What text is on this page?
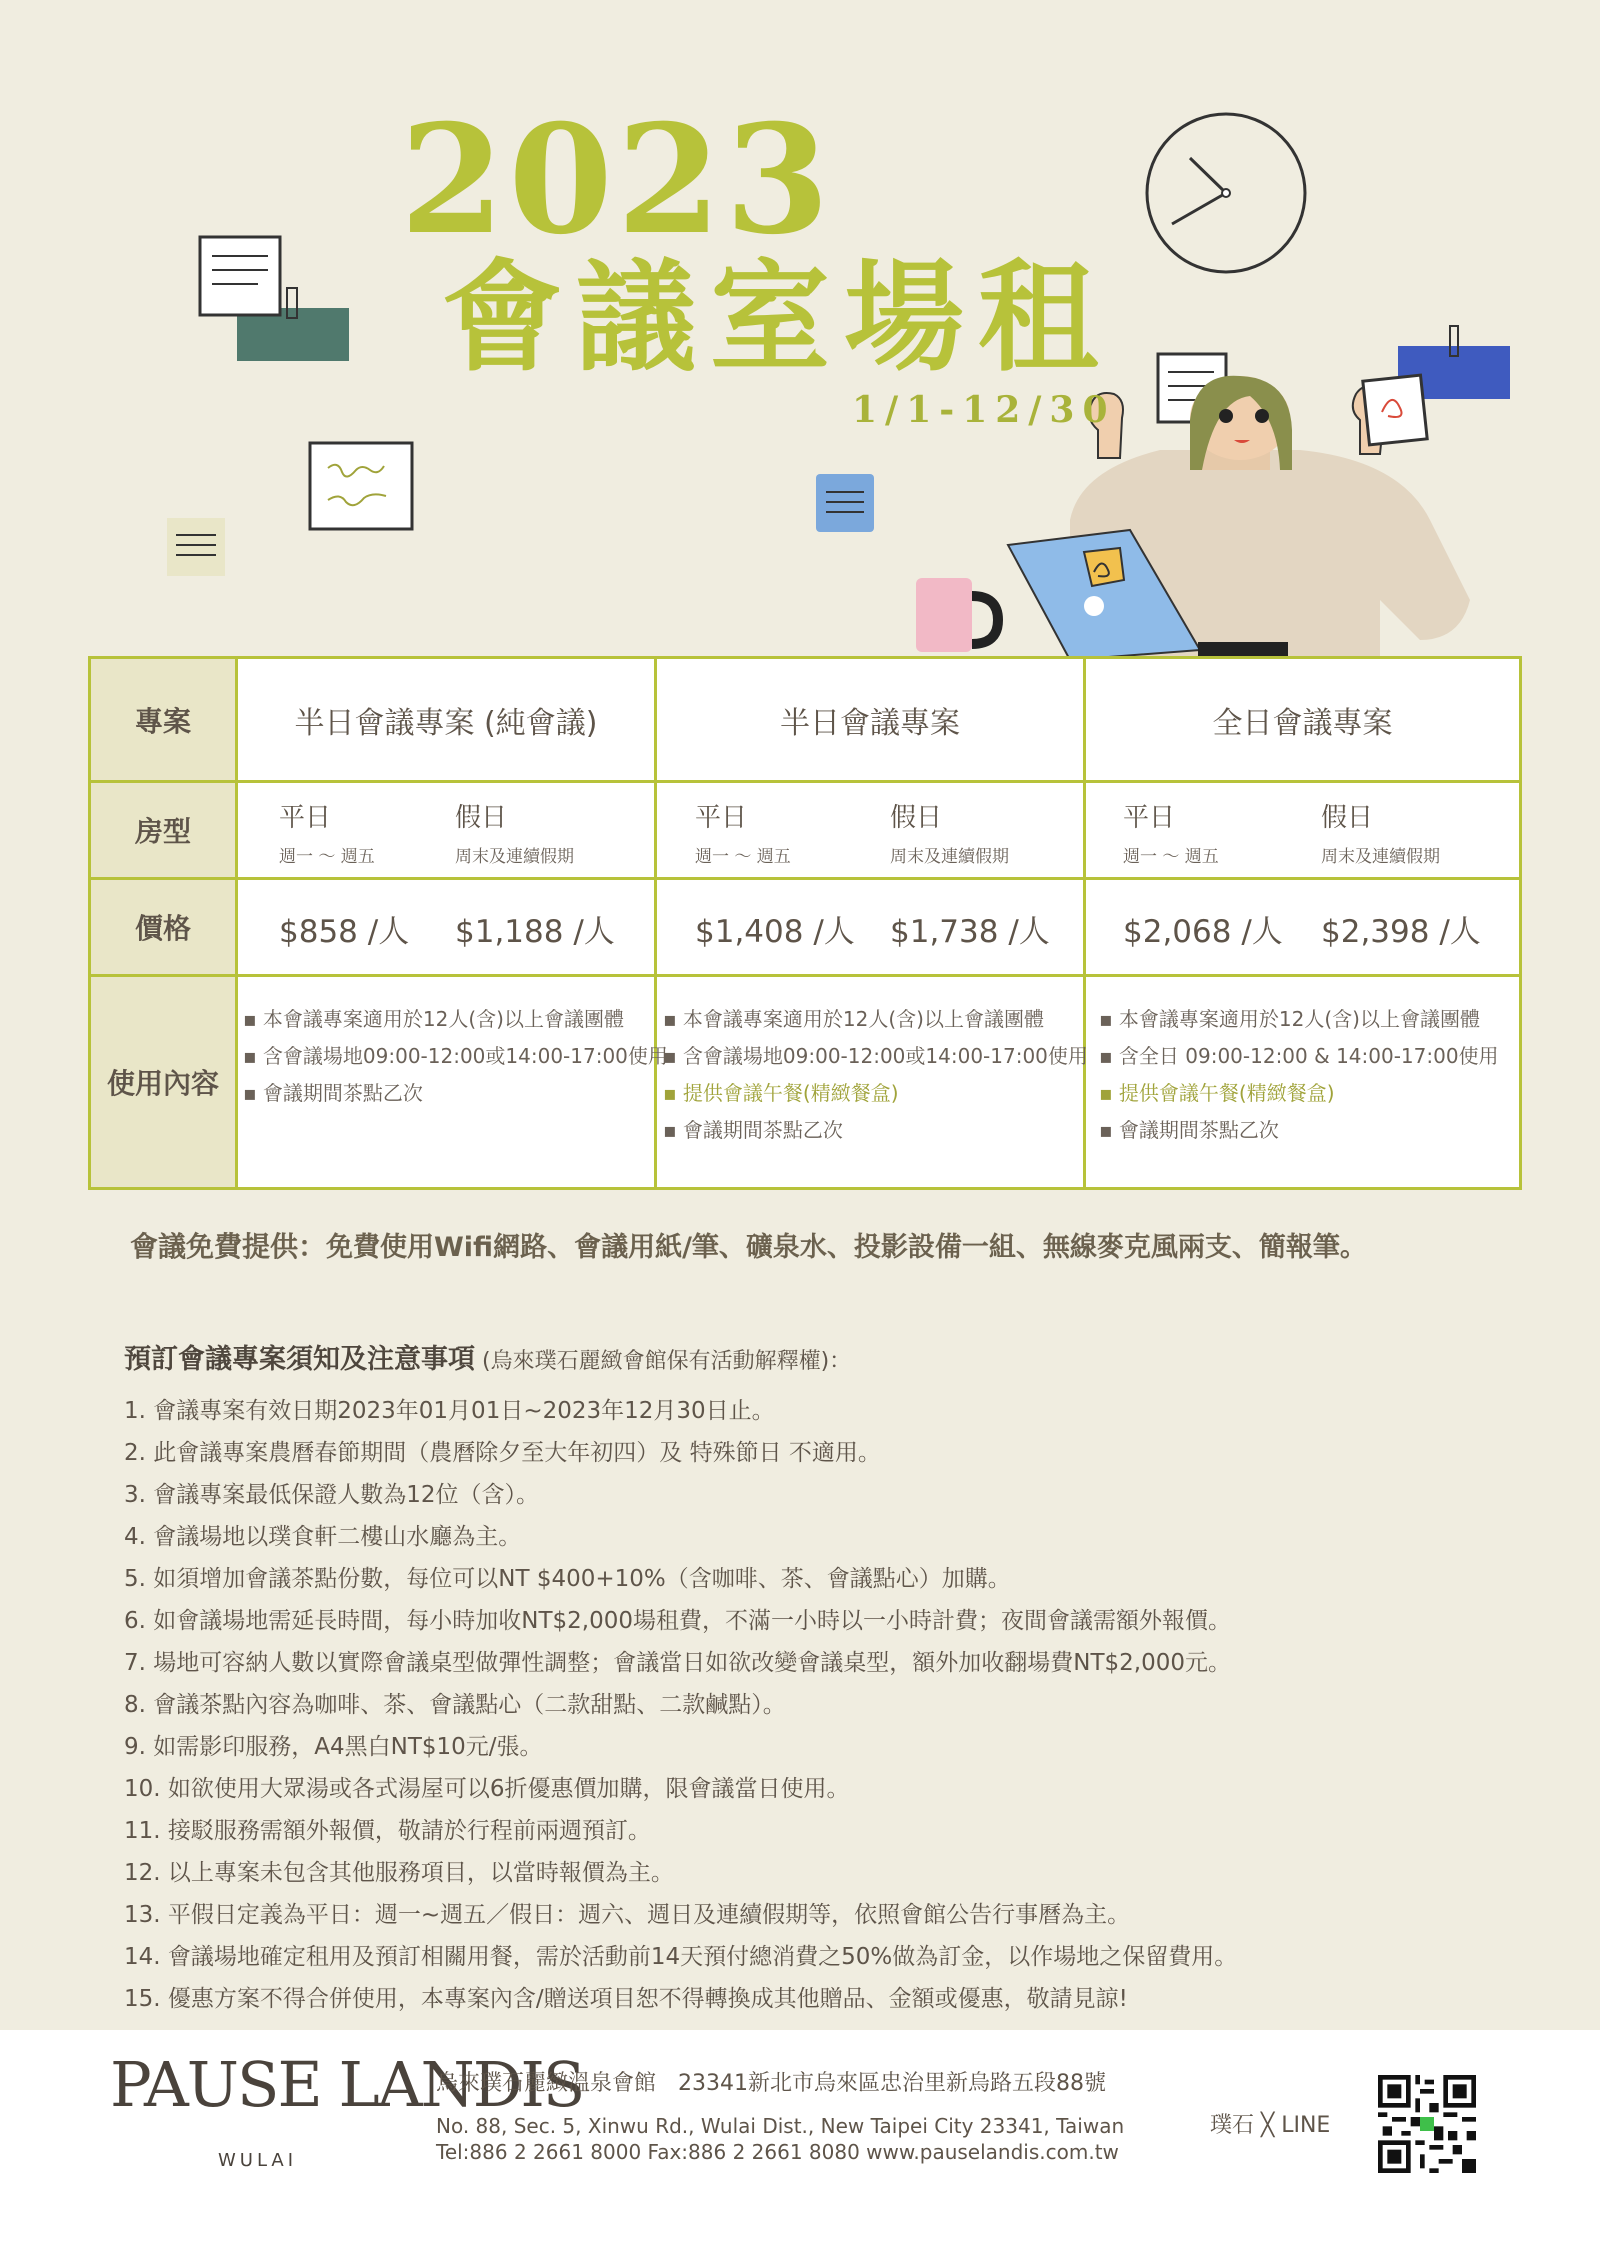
2023
會議室場租
1/1-12/30
專案
房型
價格
使用內容
半日會議專案 (純會議)
平日
週一 ～ 週五
假日
周末及連續假期
$858 /人 $1,188 /人
▪ 本會議專案適用於12人(含)以上會議團體
▪ 含會議場地09:00-12:00或14:00-17:00使用
▪ 會議期間茶點乙次
半日會議專案
平日
週一 ～ 週五
假日
周末及連續假期
$1,408 /人 $1,738 /人
▪ 本會議專案適用於12人(含)以上會議團體
▪ 含會議場地09:00-12:00或14:00-17:00使用
▪ 提供會議午餐(精緻餐盒)
▪ 會議期間茶點乙次
全日會議專案
平日
週一 ～ 週五
假日
周末及連續假期
$2,068 /人 $2,398 /人
▪ 本會議專案適用於12人(含)以上會議團體
▪ 含全日 09:00-12:00 & 14:00-17:00使用
▪ 提供會議午餐(精緻餐盒)
▪ 會議期間茶點乙次
會議免費提供：免費使用Wifi網路、會議用紙/筆、礦泉水、投影設備一組、無線麥克風兩支、簡報筆。
預訂會議專案須知及注意事項 (烏來璞石麗緻會館保有活動解釋權)：
1. 會議專案有效日期2023年01月01日~2023年12月30日止。
2. 此會議專案農曆春節期間（農曆除夕至大年初四）及 特殊節日 不適用。
3. 會議專案最低保證人數為12位（含）。
4. 會議場地以璞食軒二樓山水廳為主。
5. 如須增加會議茶點份數，每位可以NT $400+10%（含咖啡、茶、會議點心）加購。
6. 如會議場地需延長時間，每小時加收NT$2,000場租費，不滿一小時以一小時計費；夜間會議需額外報價。
7. 場地可容納人數以實際會議桌型做彈性調整；會議當日如欲改變會議桌型，額外加收翻場費NT$2,000元。
8. 會議茶點內容為咖啡、茶、會議點心（二款甜點、二款鹹點）。
9. 如需影印服務，A4黑白NT$10元/張。
10. 如欲使用大眾湯或各式湯屋可以6折優惠價加購，限會議當日使用。
11. 接駁服務需額外報價，敬請於行程前兩週預訂。
12. 以上專案未包含其他服務項目，以當時報價為主。
13. 平假日定義為平日：週一~週五／假日：週六、週日及連續假期等，依照會館公告行事曆為主。
14. 會議場地確定租用及預訂相關用餐，需於活動前14天預付總消費之50%做為訂金，以作場地之保留費用。
15. 優惠方案不得合併使用，本專案內含/贈送項目恕不得轉換成其他贈品、金額或優惠，敬請見諒!
PAUSE LANDIS
WULAI
烏來璞石麗緻溫泉會館　23341新北市烏來區忠治里新烏路五段88號
No. 88, Sec. 5, Xinwu Rd., Wulai Dist., New Taipei City 23341, Taiwan
Tel:886 2 2661 8000 Fax:886 2 2661 8080 www.pauselandis.com.tw
璞石 ╳ LINE
